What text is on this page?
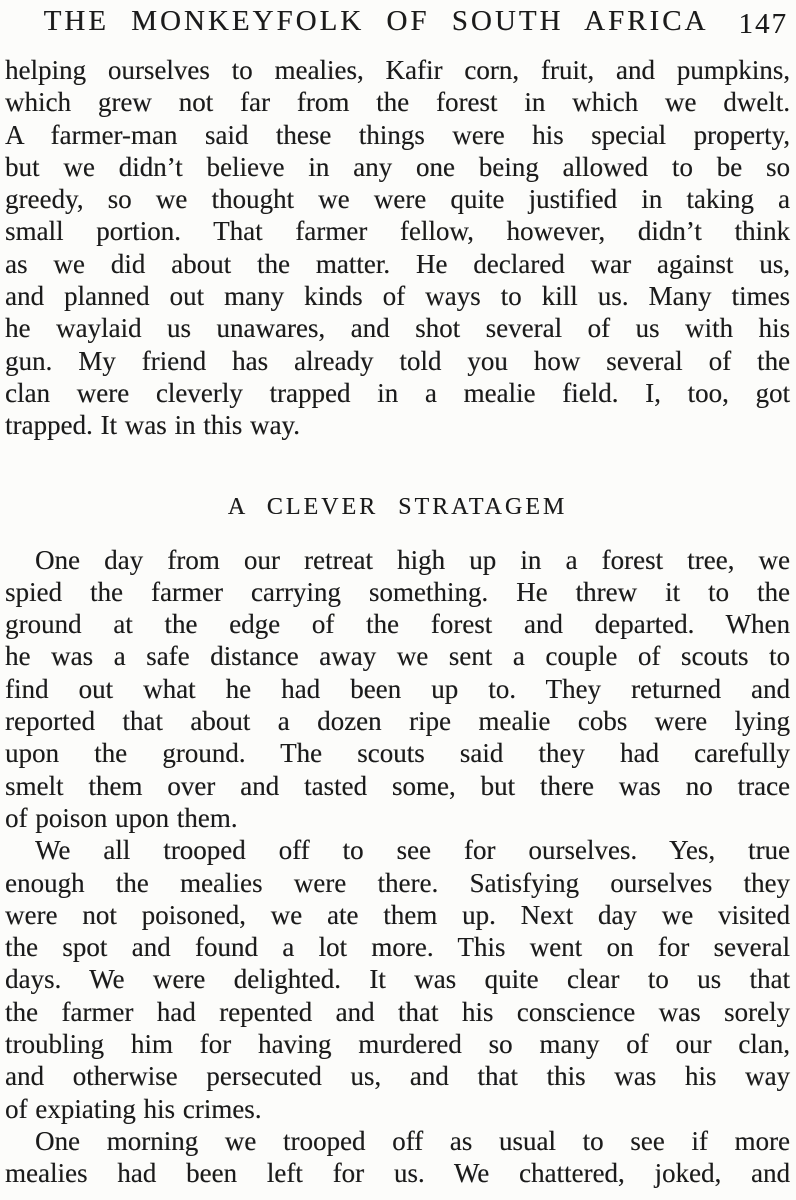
THE MONKEYFOLK OF SOUTH AFRICA	147
helping ourselves to mealies, Kafir corn, fruit, and pumpkins,
which grew not far from the forest in which we dwelt.
A farmer-man said these things were his special property,
but we didn’t believe in any one being allowed to be so
greedy, so we thought we were quite justified in taking a
small portion. That farmer fellow, however, didn’t think
as we did about the matter. He declared war against us,
and planned out many kinds of ways to kill us. Many times
he waylaid us unawares, and shot several of us with his
gun. My friend has already told you how several of the
clan were cleverly trapped in a mealie field. I, too, got
trapped. It was in this way.
A CLEVER STRATAGEM
One day from our retreat high up in a forest tree, we
spied the farmer carrying something. He threw it to the
ground at the edge of the forest and departed. When
he was a safe distance away we sent a couple of scouts to
find out what he had been up to. They returned and
reported that about a dozen ripe mealie cobs were lying
upon the ground. The scouts said they had carefully
smelt them over and tasted some, but there was no trace
of poison upon them.
We all trooped off to see for ourselves. Yes, true
enough the mealies were there. Satisfying ourselves they
were not poisoned, we ate them up. Next day we visited
the spot and found a lot more. This went on for several
days. We were delighted. It was quite clear to us that
the farmer had repented and that his conscience was sorely
troubling him for having murdered so many of our clan,
and otherwise persecuted us, and that this was his way
of expiating his crimes.
One morning we trooped off as usual to see if more
mealies had been left for us. We chattered, joked, and
